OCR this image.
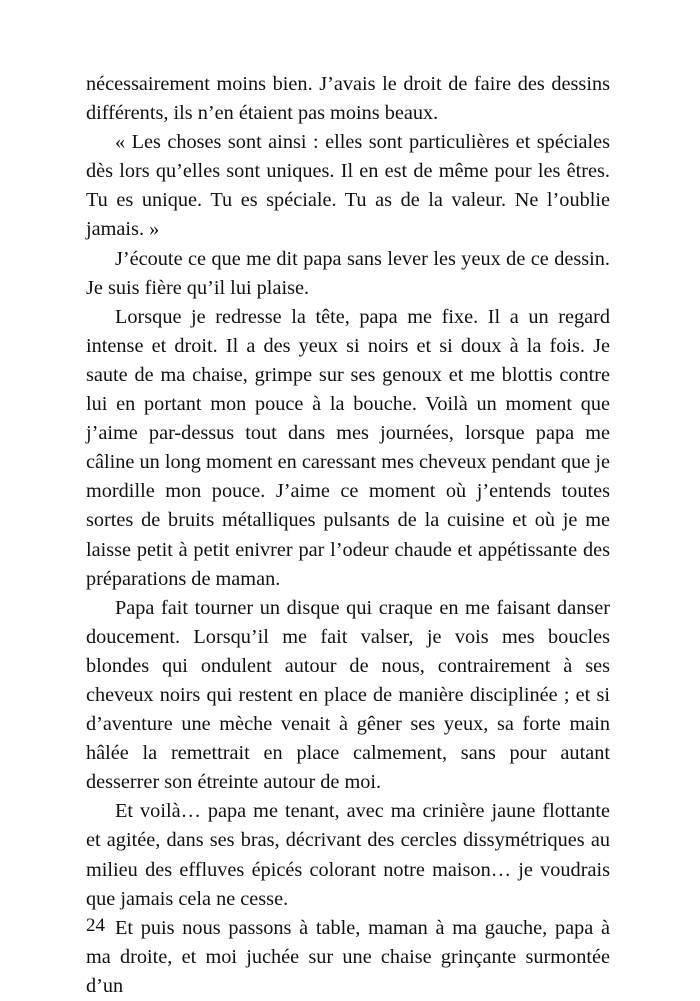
nécessairement moins bien. J’avais le droit de faire des dessins différents, ils n’en étaient pas moins beaux.

« Les choses sont ainsi : elles sont particulières et spéciales dès lors qu’elles sont uniques. Il en est de même pour les êtres. Tu es unique. Tu es spéciale. Tu as de la valeur. Ne l’oublie jamais. »

J’écoute ce que me dit papa sans lever les yeux de ce dessin. Je suis fière qu’il lui plaise.

Lorsque je redresse la tête, papa me fixe. Il a un regard intense et droit. Il a des yeux si noirs et si doux à la fois. Je saute de ma chaise, grimpe sur ses genoux et me blottis contre lui en portant mon pouce à la bouche. Voilà un moment que j’aime par-dessus tout dans mes journées, lorsque papa me câline un long moment en caressant mes cheveux pendant que je mordille mon pouce. J’aime ce moment où j’entends toutes sortes de bruits métalliques pulsants de la cuisine et où je me laisse petit à petit enivrer par l’odeur chaude et appétissante des préparations de maman.

Papa fait tourner un disque qui craque en me faisant danser doucement. Lorsqu’il me fait valser, je vois mes boucles blondes qui ondulent autour de nous, contrairement à ses cheveux noirs qui restent en place de manière disciplinée ; et si d’aventure une mèche venait à gêner ses yeux, sa forte main hâlée la remettrait en place calmement, sans pour autant desserrer son étreinte autour de moi.

Et voilà… papa me tenant, avec ma crinière jaune flottante et agitée, dans ses bras, décrivant des cercles dissymétriques au milieu des effluves épicés colorant notre maison… je voudrais que jamais cela ne cesse.

Et puis nous passons à table, maman à ma gauche, papa à ma droite, et moi juchée sur une chaise grinçante surmontée d’un

24
